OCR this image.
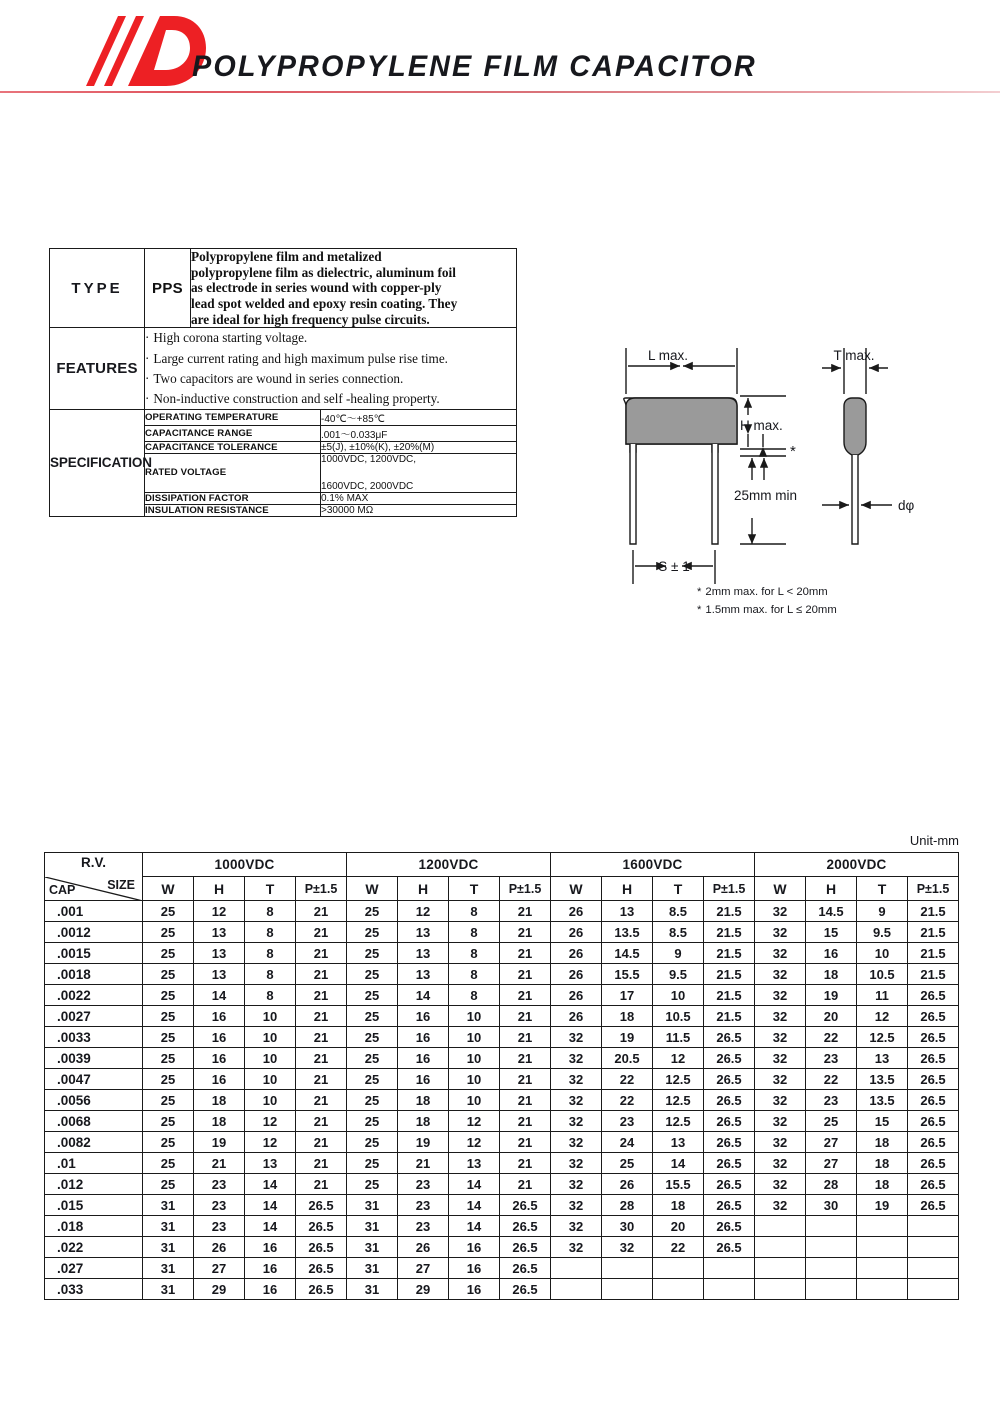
POLYPROPYLENE FILM CAPACITOR
TYPE	PPS	Polypropylene film and metalized
polypropylene film as dielectric, aluminum foil
as electrode in series wound with copper-ply
lead spot welded and epoxy resin coating. They
are ideal for high frequency pulse circuits.	

FEATURES	· High corona starting voltage.
· Large current rating and high maximum pulse rise time.
· Two capacitors are wound in series connection.
· Non-inductive construction and self -healing property.		

SPECIFICATION	OPERATING TEMPERATURE		-40℃～+85℃
	CAPACITANCE RANGE		.001～0.033μF
	CAPACITANCE TOLERANCE		±5(J), ±10%(K), ±20%(M)
	RATED VOLTAGE		1000VDC, 1200VDC,
1600VDC, 2000VDC

	DISSIPATION FACTOR		0.1% MAX
	INSULATION RESISTANCE		>30000 MΩ
L max.
H max.
25mm min
S ± 1
T max.
dφ
*
* 2mm max. for L < 20mm
* 1.5mm max. for L ≤ 20mm
Unit-mm
R.V.
SIZE
CAP	1000VDC				1200VDC				1600VDC				2000VDC			
	W	H	T	P±1.5	W	H	T	P±1.5	W	H	T	P±1.5	W	H	T	P±1.5
.001	25	12	8	21	25	12	8	21	26	13	8.5	21.5	32	14.5	9	21.5
.0012	25	13	8	21	25	13	8	21	26	13.5	8.5	21.5	32	15	9.5	21.5
.0015	25	13	8	21	25	13	8	21	26	14.5	9	21.5	32	16	10	21.5
.0018	25	13	8	21	25	13	8	21	26	15.5	9.5	21.5	32	18	10.5	21.5
.0022	25	14	8	21	25	14	8	21	26	17	10	21.5	32	19	11	26.5
.0027	25	16	10	21	25	16	10	21	26	18	10.5	21.5	32	20	12	26.5
.0033	25	16	10	21	25	16	10	21	32	19	11.5	26.5	32	22	12.5	26.5
.0039	25	16	10	21	25	16	10	21	32	20.5	12	26.5	32	23	13	26.5
.0047	25	16	10	21	25	16	10	21	32	22	12.5	26.5	32	22	13.5	26.5
.0056	25	18	10	21	25	18	10	21	32	22	12.5	26.5	32	23	13.5	26.5
.0068	25	18	12	21	25	18	12	21	32	23	12.5	26.5	32	25	15	26.5
.0082	25	19	12	21	25	19	12	21	32	24	13	26.5	32	27	18	26.5
.01	25	21	13	21	25	21	13	21	32	25	14	26.5	32	27	18	26.5
.012	25	23	14	21	25	23	14	21	32	26	15.5	26.5	32	28	18	26.5
.015	31	23	14	26.5	31	23	14	26.5	32	28	18	26.5	32	30	19	26.5
.018	31	23	14	26.5	31	23	14	26.5	32	30	20	26.5				
.022	31	26	16	26.5	31	26	16	26.5	32	32	22	26.5				
.027	31	27	16	26.5	31	27	16	26.5								
.033	31	29	16	26.5	31	29	16	26.5								
